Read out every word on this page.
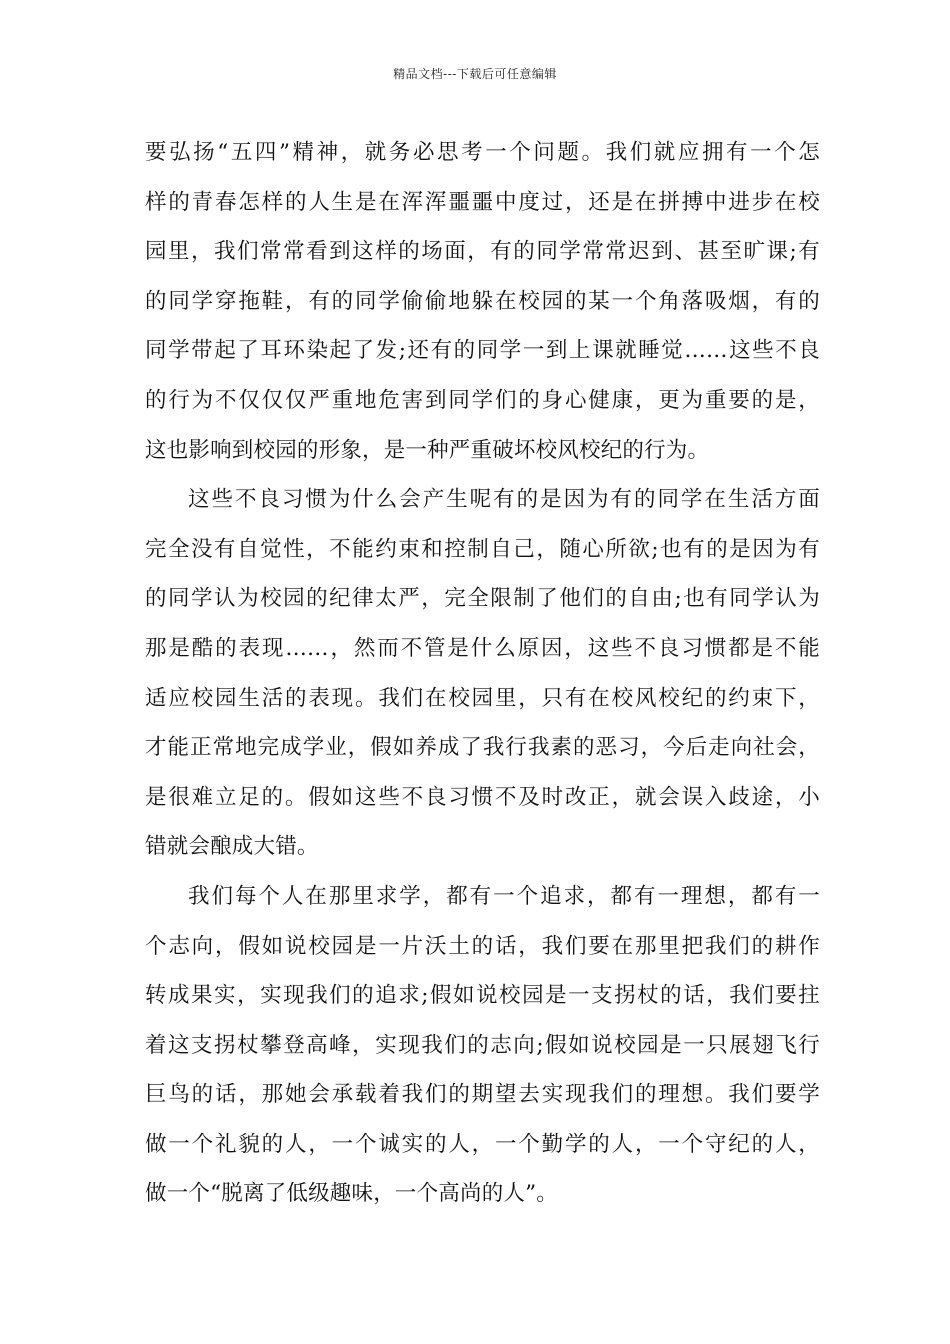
精品文档---下载后可任意编辑
要弘扬“五四”精神，就务必思考一个问题。我们就应拥有一个怎
样的青春怎样的人生是在浑浑噩噩中度过，还是在拼搏中进步在校
园里，我们常常看到这样的场面，有的同学常常迟到、甚至旷课;有
的同学穿拖鞋，有的同学偷偷地躲在校园的某一个角落吸烟，有的
同学带起了耳环染起了发;还有的同学一到上课就睡觉……这些不良
的行为不仅仅仅严重地危害到同学们的身心健康，更为重要的是，
这也影响到校园的形象，是一种严重破坏校风校纪的行为。
这些不良习惯为什么会产生呢有的是因为有的同学在生活方面
完全没有自觉性，不能约束和控制自己，随心所欲;也有的是因为有
的同学认为校园的纪律太严，完全限制了他们的自由;也有同学认为
那是酷的表现……，然而不管是什么原因，这些不良习惯都是不能
适应校园生活的表现。我们在校园里，只有在校风校纪的约束下，
才能正常地完成学业，假如养成了我行我素的恶习，今后走向社会，
是很难立足的。假如这些不良习惯不及时改正，就会误入歧途，小
错就会酿成大错。
我们每个人在那里求学，都有一个追求，都有一理想，都有一
个志向，假如说校园是一片沃土的话，我们要在那里把我们的耕作
转成果实，实现我们的追求;假如说校园是一支拐杖的话，我们要拄
着这支拐杖攀登高峰，实现我们的志向;假如说校园是一只展翅飞行
巨鸟的话，那她会承载着我们的期望去实现我们的理想。我们要学
做一个礼貌的人，一个诚实的人，一个勤学的人，一个守纪的人，
做一个“脱离了低级趣味，一个高尚的人”。
